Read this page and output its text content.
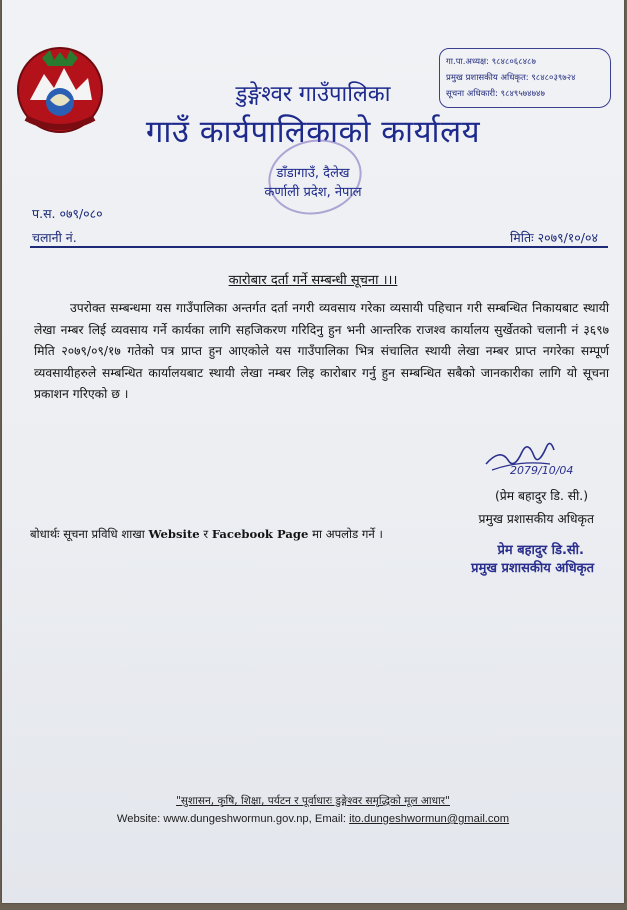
गा.पा.अध्यक्ष: ९८४८०६८४८७
प्रमुख प्रशासकीय अधिकृत: ९८४८०३९७२४
सूचना अधिकारी: ९८४९५७४७४७
डुङ्गेश्वर गाउँपालिका
गाउँ कार्यपालिकाको कार्यालय
डाँडागाउँ, दैलेख
कर्णाली प्रदेश, नेपाल
प.स. ०७९/०८०
चलानी नं.	मितिः २०७९/१०/०४
कारोबार दर्ता गर्ने सम्बन्धी सूचना ।।।
उपरोक्त सम्बन्धमा यस गाउँपालिका अन्तर्गत दर्ता नगरी व्यवसाय गरेका व्यसायी पहिचान गरी सम्बन्धित निकायबाट स्थायी लेखा नम्बर लिई व्यवसाय गर्ने कार्यका लागि सहजिकरण गरिदिनु हुन भनी आन्तरिक राजश्व कार्यालय सुर्खेतको चलानी नं ३६९७ मिति २०७९/०९/१७ गतेको पत्र प्राप्त हुन आएकोले यस गाउँपालिका भित्र संचालित स्थायी लेखा नम्बर प्राप्त नगरेका सम्पूर्ण व्यवसायीहरुले सम्बन्धित कार्यालयबाट स्थायी लेखा नम्बर लिइ कारोबार गर्नु हुन सम्बन्धित सबैको जानकारीका लागि यो सूचना प्रकाशन गरिएको छ ।
2079/10/04
(प्रेम बहादुर डि. सी.)
प्रमुख प्रशासकीय अधिकृत
बोधार्थः सूचना प्रविधि शाखा Website र Facebook Page मा अपलोड गर्ने ।
प्रेम बहादुर डि.सी.
प्रमुख प्रशासकीय अधिकृत
"सुशासन, कृषि, शिक्षा, पर्यटन र पूर्वाधारः डुङ्गेश्वर समृद्धिको मूल आधार"
Website: www.dungeshwormun.gov.np, Email: ito.dungeshwormun@gmail.com
